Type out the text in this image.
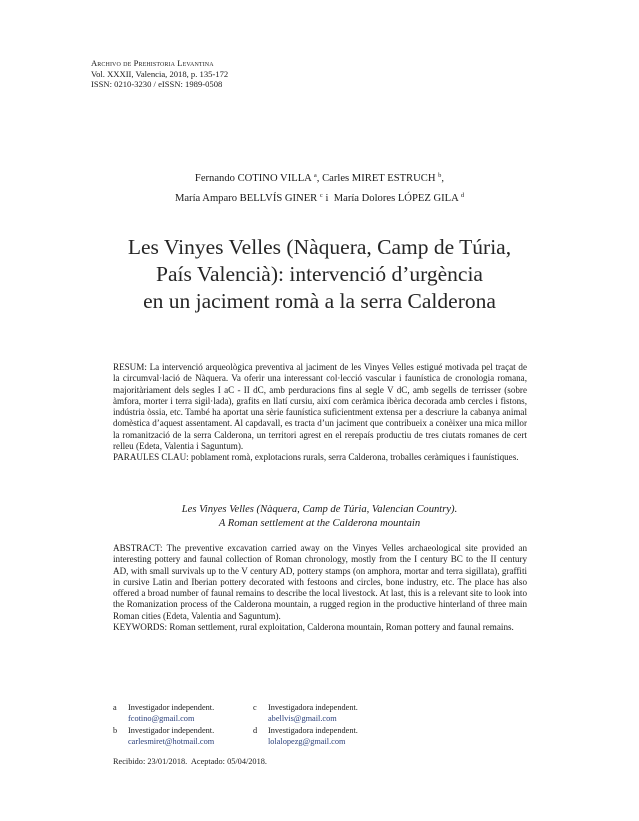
Archivo de Prehistoria Levantina
Vol. XXXII, Valencia, 2018, p. 135-172
ISSN: 0210-3230 / eISSN: 1989-0508
Fernando COTINO VILLA $^a$, Carles MIRET ESTRUCH $^b$,
María Amparo BELLVÍS GINER $^c$ i  María Dolores LÓPEZ GILA $^d$
Les Vinyes Velles (Nàquera, Camp de Túria,
País Valencià): intervenció d’urgència
en un jaciment romà a la serra Calderona

RESUM: La intervenció arqueològica preventiva al jaciment de les Vinyes Velles estigué motivada pel traçat de la circumval·lació de Nàquera. Va oferir una interessant col·lecció vascular i faunística de cronologia romana, majoritàriament dels segles I aC - II dC, amb perduracions fins al segle V dC, amb segells de terrisser (sobre àmfora, morter i terra sigil·lada), grafits en llatí cursiu, així com ceràmica ibèrica decorada amb cercles i fistons, indústria òssia, etc. També ha aportat una sèrie faunística suficientment extensa per a descriure la cabanya animal domèstica d’aquest assentament. Al capdavall, es tracta d’un jaciment que contribueix a conèixer una mica millor la romanització de la serra Calderona, un territori agrest en el rerepaís productiu de tres ciutats romanes de cert relleu (Edeta, Valentia i Saguntum).

PARAULES CLAU: poblament romà, explotacions rurals, serra Calderona, troballes ceràmiques i faunístiques.

Les Vinyes Velles (Nàquera, Camp de Túria, Valencian Country).
A Roman settlement at the Calderona mountain

ABSTRACT: The preventive excavation carried away on the Vinyes Velles archaeological site provided an interesting pottery and faunal collection of Roman chronology, mostly from the I century BC to the II century AD, with small survivals up to the V century AD, pottery stamps (on amphora, mortar and terra sigillata), graffiti in cursive Latin and Iberian pottery decorated with festoons and circles, bone industry, etc. The place has also offered a broad number of faunal remains to describe the local livestock. At last, this is a relevant site to look into the Romanization process of the Calderona mountain, a rugged region in the productive hinterland of three main Roman cities (Edeta, Valentia and Saguntum).

KEYWORDS: Roman settlement, rural exploitation, Calderona mountain, Roman pottery and faunal remains.

a Investigador independent.
fcotino@gmail.com
b Investigador independent.
carlesmiret@hotmail.com
c Investigadora independent.
abellvis@gmail.com
d Investigadora independent.
lolalopezg@gmail.com
Recibido: 23/01/2018.  Aceptado: 05/04/2018.
